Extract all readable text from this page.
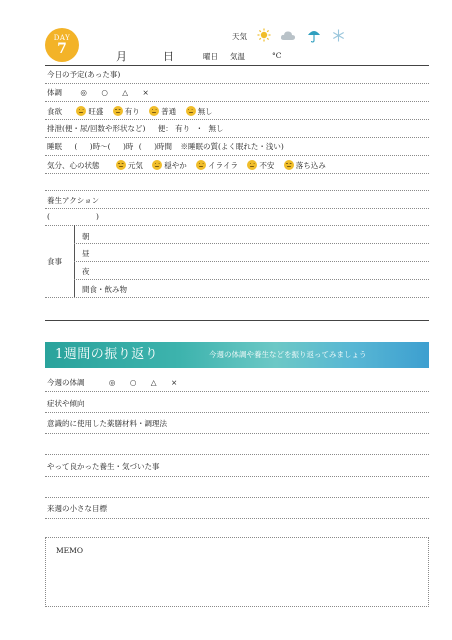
DAY
7	月	日	曜日
天気
気温	°C
今日の予定(あった事)
体調 ◎ ○ △ ×
食欲	旺盛	有り	普通	無し
排泄(便・尿/回数や形状など) 便： 有り ・ 無し
睡眠 ( )時〜( )時 ( )時間 ※睡眠の質(よく眠れた・浅い)
気分、心の状態	元気	穏やか	イライラ	不安	落ち込み
養生アクション
(	)
食事
朝
昼
夜
間食・飲み物
1週間の振り返り	今週の体調や養生などを振り返ってみましょう
今週の体調	◎ ○ △ ×
症状や傾向
意識的に使用した薬膳材料・調理法
やって良かった養生・気づいた事
来週の小さな目標
MEMO
